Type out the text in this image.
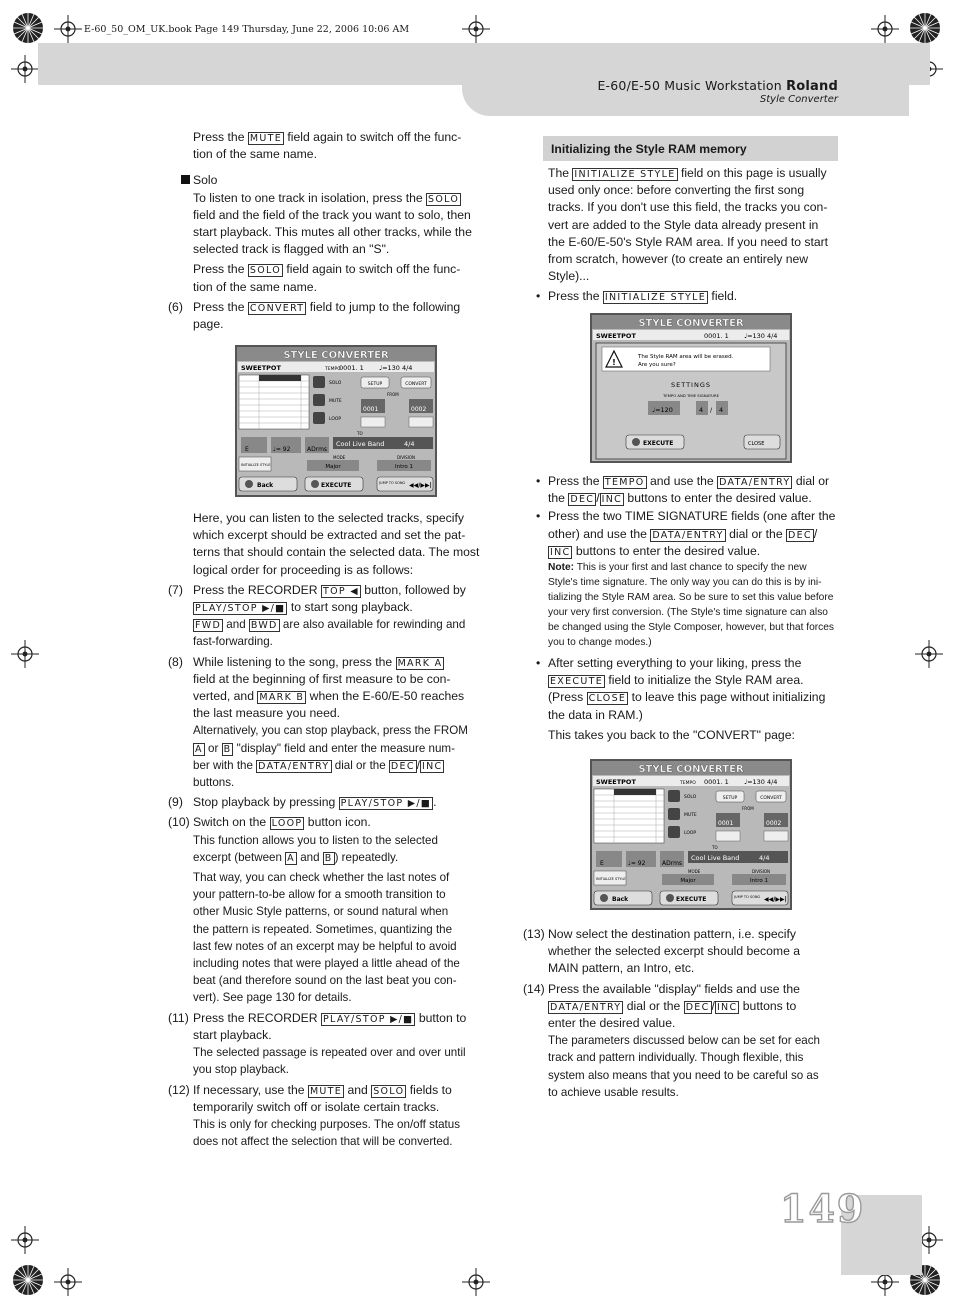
E-60_50_OM_UK.book Page 149 Thursday, June 22, 2006 10:06 AM
E-60/E-50 Music Workstation Roland
Style Converter
149
Press the MUTE field again to switch off the func-
tion of the same name.
Solo
To listen to one track in isolation, press the SOLO
field and the field of the track you want to solo, then
start playback. This mutes all other tracks, while the
selected track is flagged with an "S".
Press the SOLO field again to switch off the func-
tion of the same name.
(6) Press the CONVERT field to jump to the following
page.
STYLE CONVERTER
SWEETPOT	TEMPO
0001. 1 ♩=130 4/4
SOLO
MUTE
LOOP
SETUP	CONVERT
FROM
0001	0002
TO
E	♩= 92	ADrms
Cool Live Band	4/4
INITIALIZE STYLE
MODE
Major
DIVISION
Intro 1
Back	EXECUTE	JUMP TO SONG ◀◀/▶▶|
Here, you can listen to the selected tracks, specify
which excerpt should be extracted and set the pat-
terns that should contain the selected data. The most
logical order for proceeding is as follows:
(7) Press the RECORDER TOP ◀ button, followed by
PLAY/STOP ▶/■ to start song playback.
FWD and BWD are also available for rewinding and
fast-forwarding.
(8) While listening to the song, press the MARK A
field at the beginning of first measure to be con-
verted, and MARK B when the E-60/E-50 reaches
the last measure you need.
Alternatively, you can stop playback, press the FROM
A or B "display" field and enter the measure num-
ber with the DATA/ENTRY dial or the DEC / INC
buttons.
(9) Stop playback by pressing PLAY/STOP ▶/■ .
(10) Switch on the LOOP button icon.
This function allows you to listen to the selected
excerpt (between A and B ) repeatedly.
That way, you can check whether the last notes of
your pattern-to-be allow for a smooth transition to
other Music Style patterns, or sound natural when
the pattern is repeated. Sometimes, quantizing the
last few notes of an excerpt may be helpful to avoid
including notes that were played a little ahead of the
beat (and therefore sound on the last beat you con-
vert). See page 130 for details.
(11) Press the RECORDER PLAY/STOP ▶/■ button to
start playback.
The selected passage is repeated over and over until
you stop playback.
(12) If necessary, use the MUTE and SOLO fields to
temporarily switch off or isolate certain tracks.
This is only for checking purposes. The on/off status
does not affect the selection that will be converted.
Initializing the Style RAM memory
The INITIALIZE STYLE field on this page is usually
used only once: before converting the first song
tracks. If you don't use this field, the tracks you con-
vert are added to the Style data already present in
the E-60/E-50's Style RAM area. If you need to start
from scratch, however (to create an entirely new
Style)...
• Press the INITIALIZE STYLE field.
STYLE CONVERTER
SWEETPOT	0001. 1 ♩=130 4/4
!
The Style RAM area will be erased.
Are you sure?
SETTINGS
TEMPO AND TIME SIGNATURE
♩=120	4 / 4
EXECUTE	CLOSE
• Press the TEMPO and use the DATA/ENTRY dial or
the DEC / INC buttons to enter the desired value.
• Press the two TIME SIGNATURE fields (one after the
other) and use the DATA/ENTRY dial or the DEC /
INC buttons to enter the desired value.
Note: This is your first and last chance to specify the new
Style's time signature. The only way you can do this is by ini-
tializing the Style RAM area. So be sure to set this value before
your very first conversion. (The Style's time signature can also
be changed using the Style Composer, however, but that forces
you to change modes.)
• After setting everything to your liking, press the
EXECUTE field to initialize the Style RAM area.
(Press CLOSE to leave this page without initializing
the data in RAM.)
This takes you back to the "CONVERT" page:
STYLE CONVERTER
SWEETPOT	TEMPO 0001. 1 ♩=130 4/4
SOLO
MUTE
LOOP
SETUP	CONVERT
FROM
0001	0002
TO
E	♩= 92	ADrms
Cool Live Band	4/4
INITIALIZE STYLE
MODE
Major
DIVISION
Intro 1
Back	EXECUTE	JUMP TO SONG ◀◀/▶▶|
(13) Now select the destination pattern, i.e. specify
whether the selected excerpt should become a
MAIN pattern, an Intro, etc.
(14) Press the available "display" fields and use the
DATA/ENTRY dial or the DEC / INC buttons to
enter the desired value.
The parameters discussed below can be set for each
track and pattern individually. Though flexible, this
system also means that you need to be careful so as
to achieve usable results.
